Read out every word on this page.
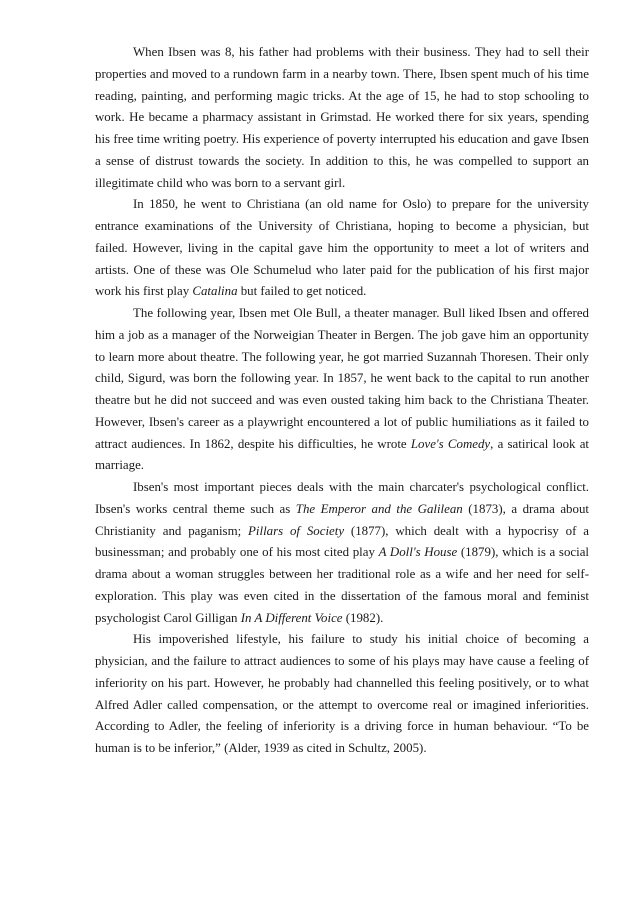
When Ibsen was 8, his father had problems with their business. They had to sell their properties and moved to a rundown farm in a nearby town. There, Ibsen spent much of his time reading, painting, and performing magic tricks. At the age of 15, he had to stop schooling to work. He became a pharmacy assistant in Grimstad. He worked there for six years, spending his free time writing poetry. His experience of poverty interrupted his education and gave Ibsen a sense of distrust towards the society. In addition to this, he was compelled to support an illegitimate child who was born to a servant girl.

In 1850, he went to Christiana (an old name for Oslo) to prepare for the university entrance examinations of the University of Christiana, hoping to become a physician, but failed. However, living in the capital gave him the opportunity to meet a lot of writers and artists. One of these was Ole Schumelud who later paid for the publication of his first major work his first play Catalina but failed to get noticed.

The following year, Ibsen met Ole Bull, a theater manager. Bull liked Ibsen and offered him a job as a manager of the Norweigian Theater in Bergen. The job gave him an opportunity to learn more about theatre. The following year, he got married Suzannah Thoresen. Their only child, Sigurd, was born the following year. In 1857, he went back to the capital to run another theatre but he did not succeed and was even ousted taking him back to the Christiana Theater. However, Ibsen's career as a playwright encountered a lot of public humiliations as it failed to attract audiences. In 1862, despite his difficulties, he wrote Love's Comedy, a satirical look at marriage.

Ibsen's most important pieces deals with the main charcater's psychological conflict. Ibsen's works central theme such as The Emperor and the Galilean (1873), a drama about Christianity and paganism; Pillars of Society (1877), which dealt with a hypocrisy of a businessman; and probably one of his most cited play A Doll's House (1879), which is a social drama about a woman struggles between her traditional role as a wife and her need for self-exploration. This play was even cited in the dissertation of the famous moral and feminist psychologist Carol Gilligan In A Different Voice (1982).

His impoverished lifestyle, his failure to study his initial choice of becoming a physician, and the failure to attract audiences to some of his plays may have cause a feeling of inferiority on his part. However, he probably had channelled this feeling positively, or to what Alfred Adler called compensation, or the attempt to overcome real or imagined inferiorities. According to Adler, the feeling of inferiority is a driving force in human behaviour. “To be human is to be inferior,” (Alder, 1939 as cited in Schultz, 2005).
